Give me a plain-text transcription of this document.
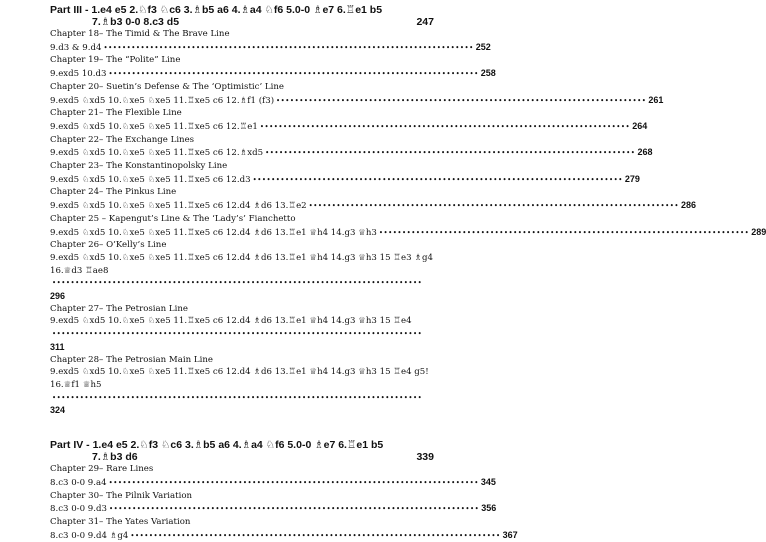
Part III - 1.e4 e5 2.♘f3 ♘c6 3.♗b5 a6 4.♗a4 ♘f6 5.0-0 ♗e7 6.♖e1 b5
7.♗b3 0-0 8.c3 d5	247
Chapter 18– The Timid & The Brave Line
9.d3 & 9.d4 •••••••••••••••••••••••••••••••••••••••••••••••••••••••••••••••••••••••••••••••• 252
Chapter 19– The “Polite” Line
9.exd5 10.d3 •••••••••••••••••••••••••••••••••••••••••••••••••••••••••••••••••••••••••••••••• 258
Chapter 20– Suetin’s Defense & The ‘Optimistic’ Line
9.exd5 ♘xd5 10.♘xe5 ♘xe5 11.♖xe5 c6 12.♗f1 (f3) •••••••••••••••••••••••••••••••••••••••••••••••••••••••••••••••••••••••••••••••• 261
Chapter 21– The Flexible Line
9.exd5 ♘xd5 10.♘xe5 ♘xe5 11.♖xe5 c6 12.♖e1 •••••••••••••••••••••••••••••••••••••••••••••••••••••••••••••••••••••••••••••••• 264
Chapter 22– The Exchange Lines
9.exd5 ♘xd5 10.♘xe5 ♘xe5 11.♖xe5 c6 12.♗xd5 •••••••••••••••••••••••••••••••••••••••••••••••••••••••••••••••••••••••••••••••• 268
Chapter 23– The Konstantinopolsky Line
9.exd5 ♘xd5 10.♘xe5 ♘xe5 11.♖xe5 c6 12.d3 •••••••••••••••••••••••••••••••••••••••••••••••••••••••••••••••••••••••••••••••• 279
Chapter 24– The Pinkus Line
9.exd5 ♘xd5 10.♘xe5 ♘xe5 11.♖xe5 c6 12.d4 ♗d6 13.♖e2 •••••••••••••••••••••••••••••••••••••••••••••••••••••••••••••••••••••••••••••••• 286
Chapter 25 – Kapengut’s Line & The ‘Lady’s’ Fianchetto
9.exd5 ♘xd5 10.♘xe5 ♘xe5 11.♖xe5 c6 12.d4 ♗d6 13.♖e1 ♕h4 14.g3 ♕h3 •••••••••••••••••••••••••••••••••••••••••••••••••••••••••••••••••••••••••••••••• 289
Chapter 26– O’Kelly’s Line
9.exd5 ♘xd5 10.♘xe5 ♘xe5 11.♖xe5 c6 12.d4 ♗d6 13.♖e1 ♕h4 14.g3 ♕h3 15 ♖e3 ♗g4 16.♕d3 ♖ae8
••••••••••••••••••••••••••••••••••••••••••••••••••••••••••••••••••••••••••••••••
296
Chapter 27– The Petrosian Line
9.exd5 ♘xd5 10.♘xe5 ♘xe5 11.♖xe5 c6 12.d4 ♗d6 13.♖e1 ♕h4 14.g3 ♕h3 15 ♖e4
••••••••••••••••••••••••••••••••••••••••••••••••••••••••••••••••••••••••••••••••
311
Chapter 28– The Petrosian Main Line
9.exd5 ♘xd5 10.♘xe5 ♘xe5 11.♖xe5 c6 12.d4 ♗d6 13.♖e1 ♕h4 14.g3 ♕h3 15 ♖e4 g5! 16.♕f1 ♕h5
••••••••••••••••••••••••••••••••••••••••••••••••••••••••••••••••••••••••••••••••
324
Part IV - 1.e4 e5 2.♘f3 ♘c6 3.♗b5 a6 4.♗a4 ♘f6 5.0-0 ♗e7 6.♖e1 b5
7.♗b3 d6	339
Chapter 29– Rare Lines
8.c3 0-0 9.a4 •••••••••••••••••••••••••••••••••••••••••••••••••••••••••••••••••••••••••••••••• 345
Chapter 30– The Pilnik Variation
8.c3 0-0 9.d3 •••••••••••••••••••••••••••••••••••••••••••••••••••••••••••••••••••••••••••••••• 356
Chapter 31– The Yates Variation
8.c3 0-0 9.d4 ♗g4 •••••••••••••••••••••••••••••••••••••••••••••••••••••••••••••••••••••••••••••••• 367
